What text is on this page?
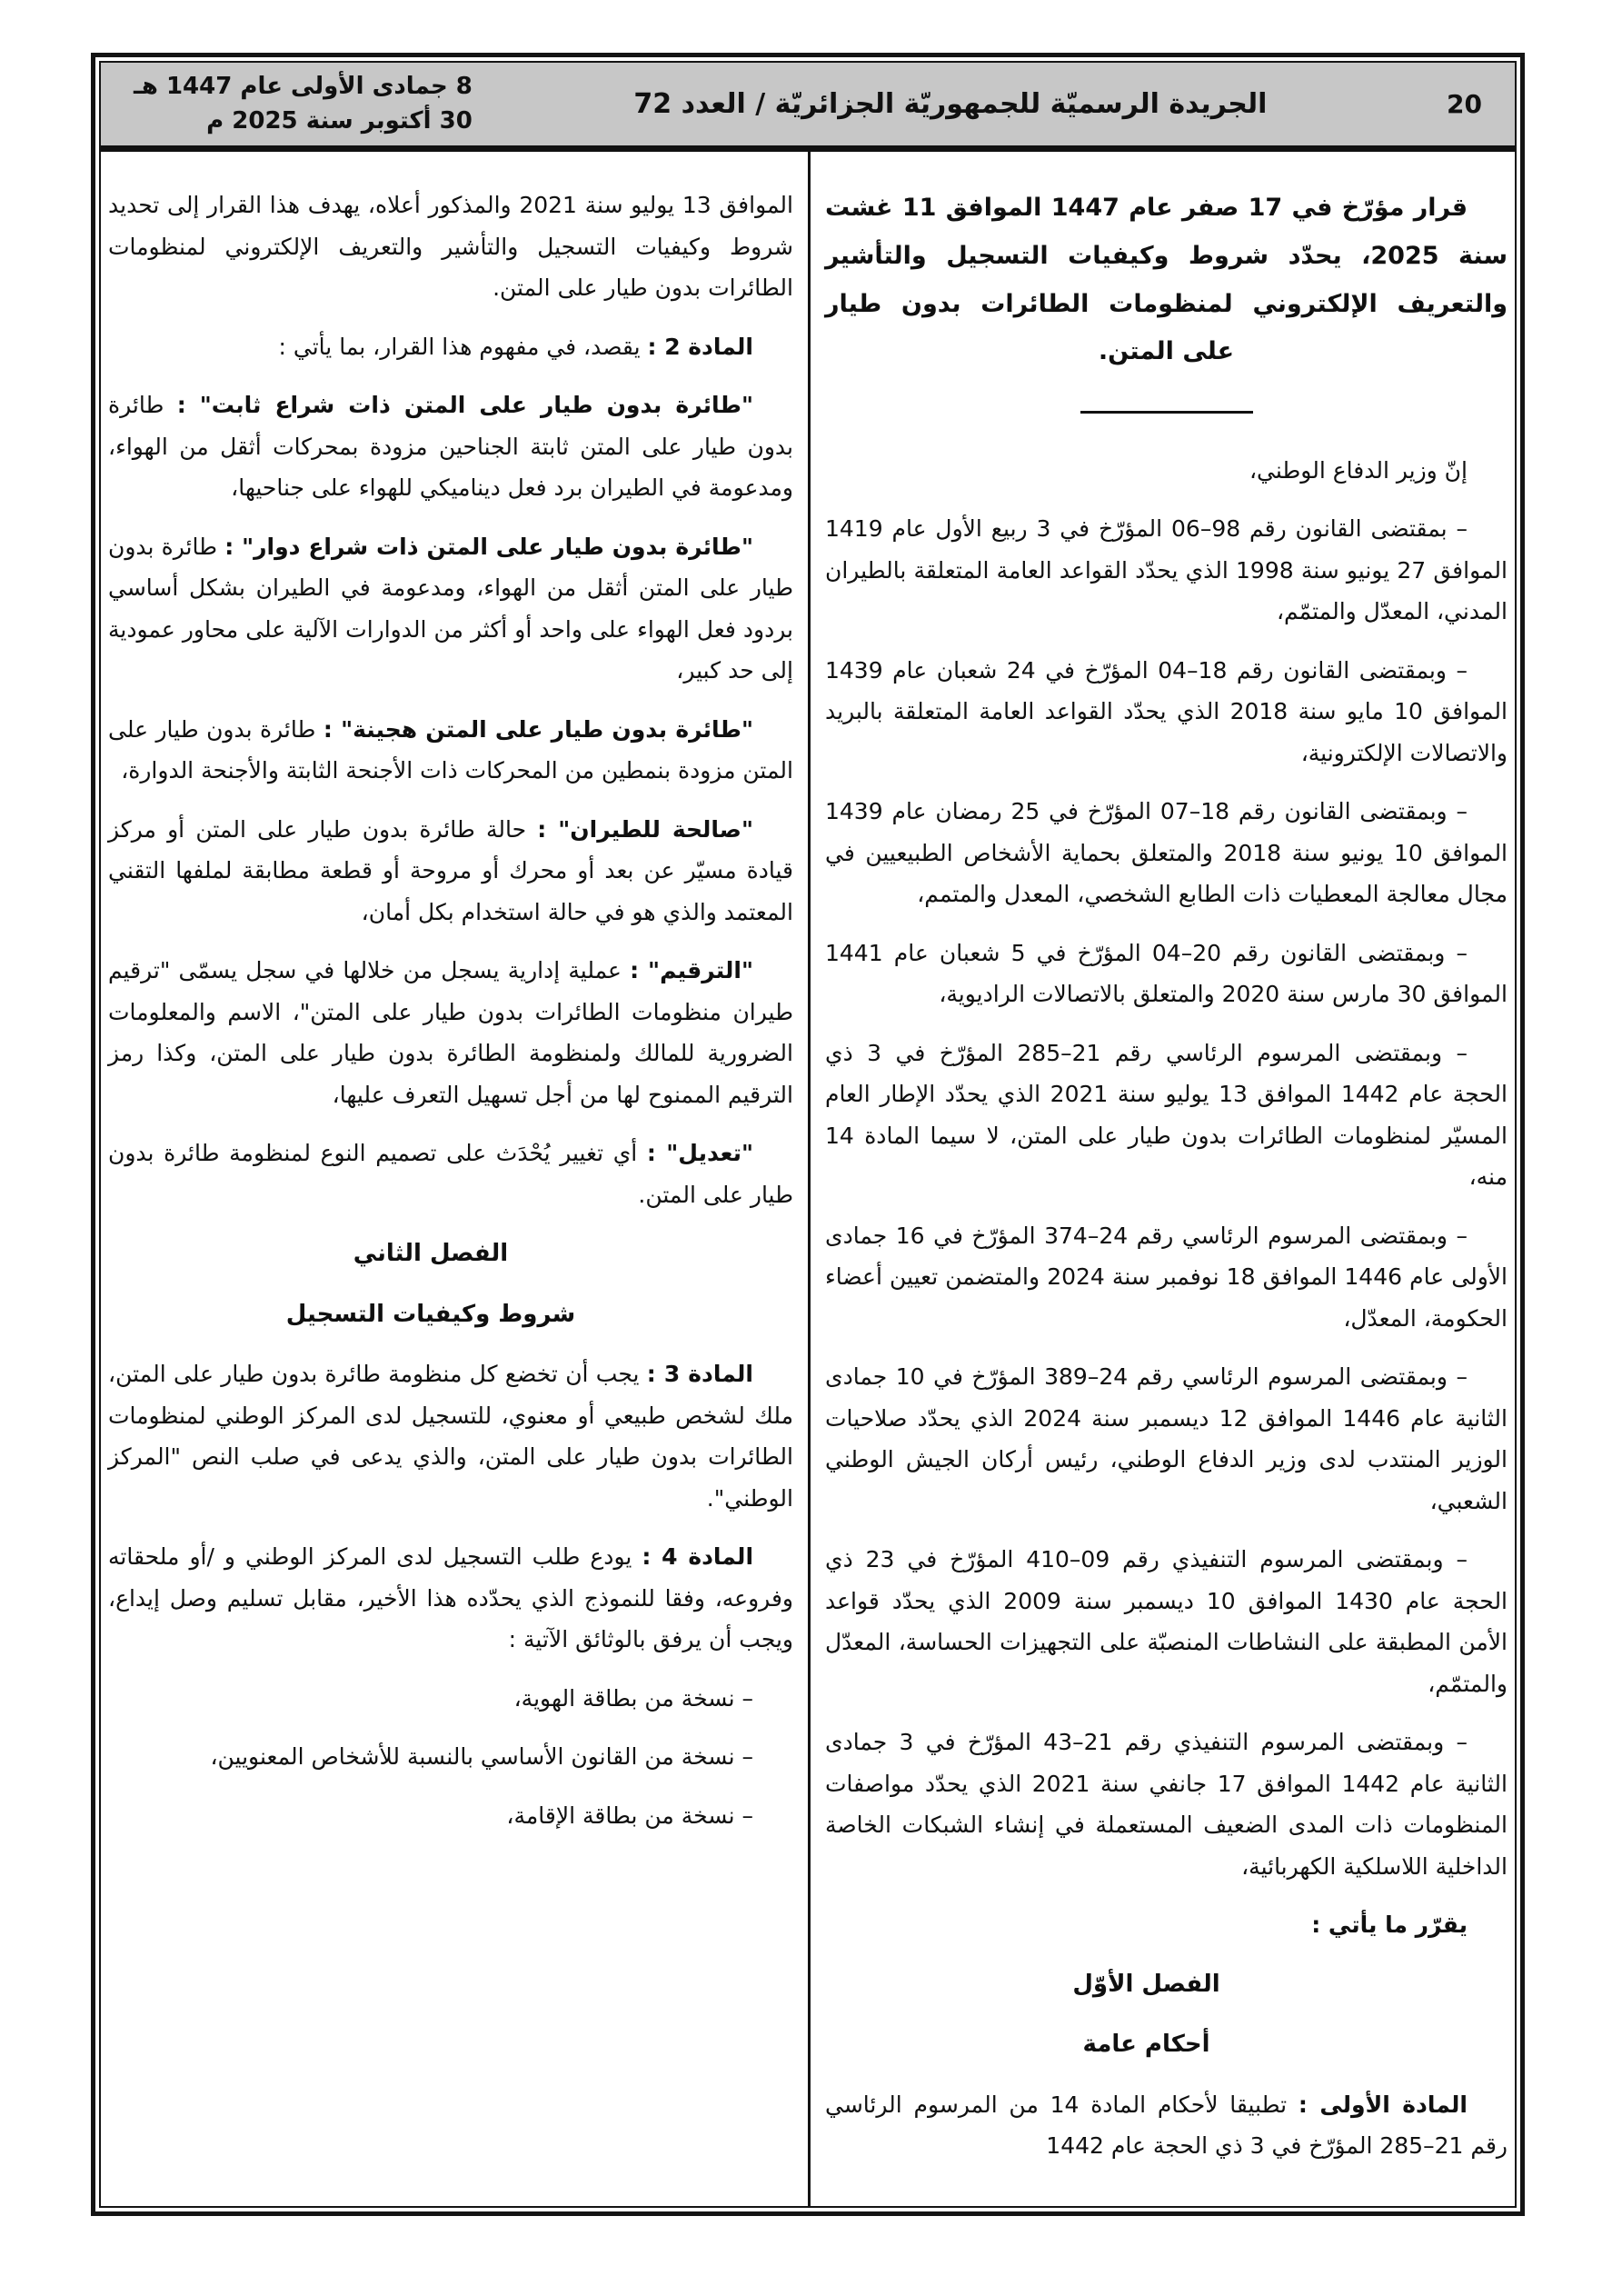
8 جمادى الأولى عام 1447 هـ
30 أكتوبر سنة 2025 م
الجريدة الرسميّة للجمهوريّة الجزائريّة / العدد 72	20

قرار مؤرّخ في 17 صفر عام 1447 الموافق 11 غشت سنة 2025، يحدّد شروط وكيفيات التسجيل والتأشير والتعريف الإلكتروني لمنظومات الطائرات بدون طيار على المتن.

إنّ وزير الدفاع الوطني،

– بمقتضى القانون رقم 98–06 المؤرّخ في 3 ربيع الأول عام 1419 الموافق 27 يونيو سنة 1998 الذي يحدّد القواعد العامة المتعلقة بالطيران المدني، المعدّل والمتمّم،

– وبمقتضى القانون رقم 18–04 المؤرّخ في 24 شعبان عام 1439 الموافق 10 مايو سنة 2018 الذي يحدّد القواعد العامة المتعلقة بالبريد والاتصالات الإلكترونية،

– وبمقتضى القانون رقم 18–07 المؤرّخ في 25 رمضان عام 1439 الموافق 10 يونيو سنة 2018 والمتعلق بحماية الأشخاص الطبيعيين في مجال معالجة المعطيات ذات الطابع الشخصي، المعدل والمتمم،

– وبمقتضى القانون رقم 20–04 المؤرّخ في 5 شعبان عام 1441 الموافق 30 مارس سنة 2020 والمتعلق بالاتصالات الراديوية،

– وبمقتضى المرسوم الرئاسي رقم 21–285 المؤرّخ في 3 ذي الحجة عام 1442 الموافق 13 يوليو سنة 2021 الذي يحدّد الإطار العام المسيّر لمنظومات الطائرات بدون طيار على المتن، لا سيما المادة 14 منه،

– وبمقتضى المرسوم الرئاسي رقم 24–374 المؤرّخ في 16 جمادى الأولى عام 1446 الموافق 18 نوفمبر سنة 2024 والمتضمن تعيين أعضاء الحكومة، المعدّل،

– وبمقتضى المرسوم الرئاسي رقم 24–389 المؤرّخ في 10 جمادى الثانية عام 1446 الموافق 12 ديسمبر سنة 2024 الذي يحدّد صلاحيات الوزير المنتدب لدى وزير الدفاع الوطني، رئيس أركان الجيش الوطني الشعبي،

– وبمقتضى المرسوم التنفيذي رقم 09–410 المؤرّخ في 23 ذي الحجة عام 1430 الموافق 10 ديسمبر سنة 2009 الذي يحدّد قواعد الأمن المطبقة على النشاطات المنصبّة على التجهيزات الحساسة، المعدّل والمتمّم،

– وبمقتضى المرسوم التنفيذي رقم 21–43 المؤرّخ في 3 جمادى الثانية عام 1442 الموافق 17 جانفي سنة 2021 الذي يحدّد مواصفات المنظومات ذات المدى الضعيف المستعملة في إنشاء الشبكات الخاصة الداخلية اللاسلكية الكهربائية،

يقرّر ما يأتي :

الفصل الأوّل

أحكام عامة

المادة الأولى : تطبيقا لأحكام المادة 14 من المرسوم الرئاسي رقم 21–285 المؤرّخ في 3 ذي الحجة عام 1442

الموافق 13 يوليو سنة 2021 والمذكور أعلاه، يهدف هذا القرار إلى تحديد شروط وكيفيات التسجيل والتأشير والتعريف الإلكتروني لمنظومات الطائرات بدون طيار على المتن.

المادة 2 : يقصد، في مفهوم هذا القرار، بما يأتي :

"طائرة بدون طيار على المتن ذات شراع ثابت" : طائرة بدون طيار على المتن ثابتة الجناحين مزودة بمحركات أثقل من الهواء، ومدعومة في الطيران برد فعل ديناميكي للهواء على جناحيها،

"طائرة بدون طيار على المتن ذات شراع دوار" : طائرة بدون طيار على المتن أثقل من الهواء، ومدعومة في الطيران بشكل أساسي بردود فعل الهواء على واحد أو أكثر من الدوارات الآلية على محاور عمودية إلى حد كبير،

"طائرة بدون طيار على المتن هجينة" : طائرة بدون طيار على المتن مزودة بنمطين من المحركات ذات الأجنحة الثابتة والأجنحة الدوارة،

"صالحة للطيران" : حالة طائرة بدون طيار على المتن أو مركز قيادة مسيّر عن بعد أو محرك أو مروحة أو قطعة مطابقة لملفها التقني المعتمد والذي هو في حالة استخدام بكل أمان،

"الترقيم" : عملية إدارية يسجل من خلالها في سجل يسمّى "ترقيم طيران منظومات الطائرات بدون طيار على المتن"، الاسم والمعلومات الضرورية للمالك ولمنظومة الطائرة بدون طيار على المتن، وكذا رمز الترقيم الممنوح لها من أجل تسهيل التعرف عليها،

"تعديل" : أي تغيير يُحْدَث على تصميم النوع لمنظومة طائرة بدون طيار على المتن.

الفصل الثاني

شروط وكيفيات التسجيل

المادة 3 : يجب أن تخضع كل منظومة طائرة بدون طيار على المتن، ملك لشخص طبيعي أو معنوي، للتسجيل لدى المركز الوطني لمنظومات الطائرات بدون طيار على المتن، والذي يدعى في صلب النص "المركز الوطني".

المادة 4 : يودع طلب التسجيل لدى المركز الوطني و /أو ملحقاته وفروعه، وفقا للنموذج الذي يحدّده هذا الأخير، مقابل تسليم وصل إيداع، ويجب أن يرفق بالوثائق الآتية :

– نسخة من بطاقة الهوية،

– نسخة من القانون الأساسي بالنسبة للأشخاص المعنويين،

– نسخة من بطاقة الإقامة،
